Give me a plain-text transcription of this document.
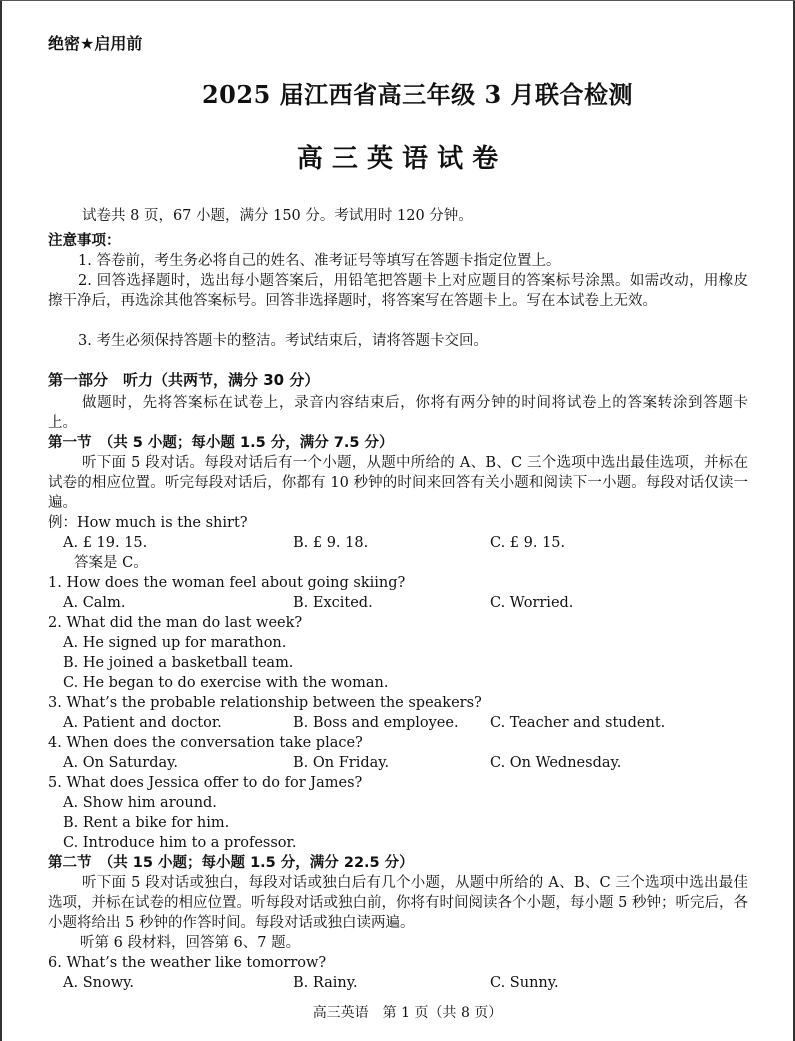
绝密★启用前
2025 届江西省高三年级 3 月联合检测
高 三 英 语 试 卷
试卷共 8 页，67 小题，满分 150 分。考试用时 120 分钟。
注意事项：
1. 答卷前，考生务必将自己的姓名、准考证号等填写在答题卡指定位置上。
2. 回答选择题时，选出每小题答案后，用铅笔把答题卡上对应题目的答案标号涂黑。如需改动，用橡皮擦干净后，再选涂其他答案标号。回答非选择题时，将答案写在答题卡上。写在本试卷上无效。
3. 考生必须保持答题卡的整洁。考试结束后，请将答题卡交回。
第一部分　听力（共两节，满分 30 分）
做题时，先将答案标在试卷上，录音内容结束后，你将有两分钟的时间将试卷上的答案转涂到答题卡上。
第一节　（共 5 小题；每小题 1.5 分，满分 7.5 分）
听下面 5 段对话。每段对话后有一个小题，从题中所给的 A、B、C 三个选项中选出最佳选项，并标在试卷的相应位置。听完每段对话后，你都有 10 秒钟的时间来回答有关小题和阅读下一小题。每段对话仅读一遍。
例：How much is the shirt?
A. £ 19. 15.	B. £ 9. 18.	C. £ 9. 15.
答案是 C。
1. How does the woman feel about going skiing?
A. Calm.	B. Excited.	C. Worried.
2. What did the man do last week?
A. He signed up for marathon.
B. He joined a basketball team.
C. He began to do exercise with the woman.
3. What’s the probable relationship between the speakers?
A. Patient and doctor.	B. Boss and employee. C. Teacher and student.
4. When does the conversation take place?
A. On Saturday.	B. On Friday.	C. On Wednesday.
5. What does Jessica offer to do for James?
A. Show him around.
B. Rent a bike for him.
C. Introduce him to a professor.
第二节　（共 15 小题；每小题 1.5 分，满分 22.5 分）
听下面 5 段对话或独白，每段对话或独白后有几个小题，从题中所给的 A、B、C 三个选项中选出最佳选项，并标在试卷的相应位置。听每段对话或独白前，你将有时间阅读各个小题，每小题 5 秒钟；听完后，各小题将给出 5 秒钟的作答时间。每段对话或独白读两遍。
听第 6 段材料，回答第 6、7 题。
6. What’s the weather like tomorrow?
A. Snowy.	B. Rainy.	C. Sunny.
高三英语　第 1 页（共 8 页）
